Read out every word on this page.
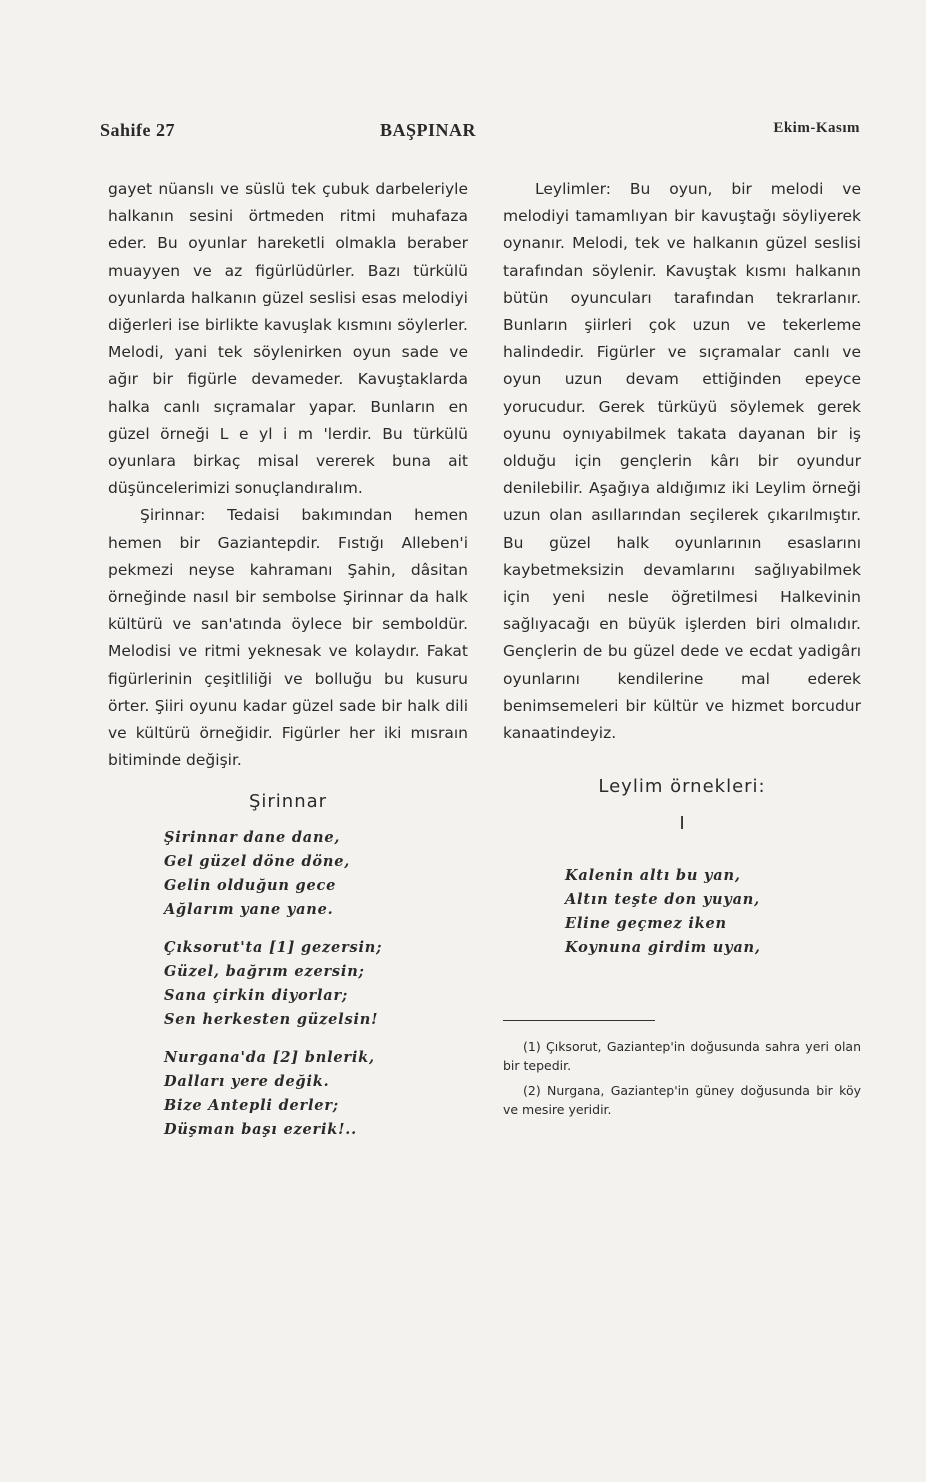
Sahife 27	BAŞPINAR	Ekim-Kasım

gayet nüanslı ve süslü tek çubuk darbeleriyle halkanın sesini örtmeden ritmi muhafaza eder. Bu oyunlar hareketli olmakla beraber muayyen ve az figürlüdürler. Bazı türkülü oyunlarda halkanın güzel seslisi esas melodiyi diğerleri ise birlikte kavuşlak kısmını söylerler. Melodi, yani tek söylenirken oyun sade ve ağır bir figürle devameder. Kavuştaklarda halka canlı sıçramalar yapar. Bunların en güzel örneği L e yl i m 'lerdir. Bu türkülü oyunlara birkaç misal vererek buna ait düşüncelerimizi sonuçlandıralım.

Şirinnar: Tedaisi bakımından hemen hemen bir Gaziantepdir. Fıstığı Alleben'i pekmezi neyse kahramanı Şahin, dâsitan örneğinde nasıl bir sembolse Şirinnar da halk kültürü ve san'atında öylece bir semboldür. Melodisi ve ritmi yeknesak ve kolaydır. Fakat figürlerinin çeşitliliği ve bolluğu bu kusuru örter. Şiiri oyunu kadar güzel sade bir halk dili ve kültürü örneğidir. Figürler her iki mısraın bitiminde değişir.

Şirinnar
Şirinnar dane dane,
Gel güzel döne döne,
Gelin olduğun gece
Ağlarım yane yane.
Çıksorut'ta [1] gezersin;
Güzel, bağrım ezersin;
Sana çirkin diyorlar;
Sen herkesten güzelsin!
Nurgana'da [2] bnlerik,
Dalları yere değik.
Bize Antepli derler;
Düşman başı ezerik!..

Leylimler: Bu oyun, bir melodi ve melodiyi tamamlıyan bir kavuştağı söyliyerek oynanır. Melodi, tek ve halkanın güzel seslisi tarafından söylenir. Kavuştak kısmı halkanın bütün oyuncuları tarafından tekrarlanır. Bunların şiirleri çok uzun ve tekerleme halindedir. Figürler ve sıçramalar canlı ve oyun uzun devam ettiğinden epeyce yorucudur. Gerek türküyü söylemek gerek oyunu oynıyabilmek takata dayanan bir iş olduğu için gençlerin kârı bir oyundur denilebilir. Aşağıya aldığımız iki Leylim örneği uzun olan asıllarından seçilerek çıkarılmıştır. Bu güzel halk oyunlarının esaslarını kaybetmeksizin devamlarını sağlıyabilmek için yeni nesle öğretilmesi Halkevinin sağlıyacağı en büyük işlerden biri olmalıdır. Gençlerin de bu güzel dede ve ecdat yadigârı oyunlarını kendilerine mal ederek benimsemeleri bir kültür ve hizmet borcudur kanaatindeyiz.

Leylim örnekleri:
I
Kalenin altı bu yan,
Altın teşte don yuyan,
Eline geçmez iken
Koynuna girdim uyan,

(1) Çıksorut, Gaziantep'in doğusunda sahra yeri olan bir tepedir.

(2) Nurgana, Gaziantep'in güney doğusunda bir köy ve mesire yeridir.
